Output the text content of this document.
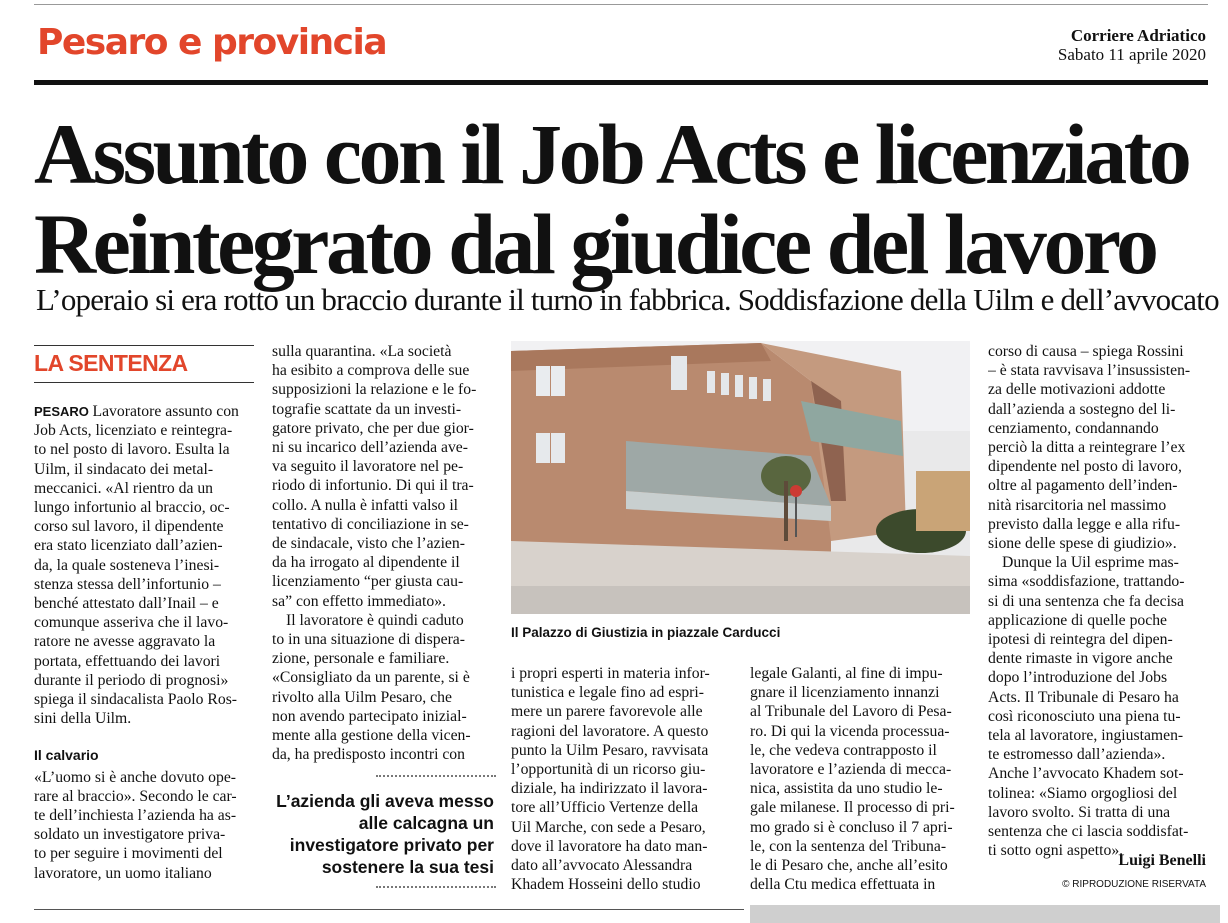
Pesaro e provincia	Corriere Adriatico
Sabato 11 aprile 2020
Assunto con il Job Acts e licenziato
Reintegrato dal giudice del lavoro
L’operaio si era rotto un braccio durante il turno in fabbrica. Soddisfazione della Uilm e dell’avvocato
LA SENTENZA
PESARO Lavoratore assunto con
Job Acts, licenziato e reintegra-
to nel posto di lavoro. Esulta la
Uilm, il sindacato dei metal-
meccanici. «Al rientro da un
lungo infortunio al braccio, oc-
corso sul lavoro, il dipendente
era stato licenziato dall’azien-
da, la quale sosteneva l’inesi-
stenza stessa dell’infortunio –
benché attestato dall’Inail – e
comunque asseriva che il lavo-
ratore ne avesse aggravato la
portata, effettuando dei lavori
durante il periodo di prognosi»
spiega il sindacalista Paolo Ros-
sini della Uilm.
Il calvario
«L’uomo si è anche dovuto ope-
rare al braccio». Secondo le car-
te dell’inchiesta l’azienda ha as-
soldato un investigatore priva-
to per seguire i movimenti del
lavoratore, un uomo italiano
sulla quarantina. «La società
ha esibito a comprova delle sue
supposizioni la relazione e le fo-
tografie scattate da un investi-
gatore privato, che per due gior-
ni su incarico dell’azienda ave-
va seguito il lavoratore nel pe-
riodo di infortunio. Di qui il tra-
collo. A nulla è infatti valso il
tentativo di conciliazione in se-
de sindacale, visto che l’azien-
da ha irrogato al dipendente il
licenziamento “per giusta cau-
sa” con effetto immediato».
Il lavoratore è quindi caduto
to in una situazione di dispera-
zione, personale e familiare.
«Consigliato da un parente, si è
rivolto alla Uilm Pesaro, che
non avendo partecipato inizial-
mente alla gestione della vicen-
da, ha predisposto incontri con
Il Palazzo di Giustizia in piazzale Carducci
i propri esperti in materia infor-
tunistica e legale fino ad espri-
mere un parere favorevole alle
ragioni del lavoratore. A questo
punto la Uilm Pesaro, ravvisata
l’opportunità di un ricorso giu-
diziale, ha indirizzato il lavora-
tore all’Ufficio Vertenze della
Uil Marche, con sede a Pesaro,
dove il lavoratore ha dato man-
dato all’avvocato Alessandra
Khadem Hosseini dello studio
legale Galanti, al fine di impu-
gnare il licenziamento innanzi
al Tribunale del Lavoro di Pesa-
ro. Di qui la vicenda processua-
le, che vedeva contrapposto il
lavoratore e l’azienda di mecca-
nica, assistita da uno studio le-
gale milanese. Il processo di pri-
mo grado si è concluso il 7 apri-
le, con la sentenza del Tribuna-
le di Pesaro che, anche all’esito
della Ctu medica effettuata in
corso di causa – spiega Rossini
– è stata ravvisava l’insussisten-
za delle motivazioni addotte
dall’azienda a sostegno del li-
cenziamento, condannando
perciò la ditta a reintegrare l’ex
dipendente nel posto di lavoro,
oltre al pagamento dell’inden-
nità risarcitoria nel massimo
previsto dalla legge e alla rifu-
sione delle spese di giudizio».
Dunque la Uil esprime mas-
sima «soddisfazione, trattando-
si di una sentenza che fa decisa
applicazione di quelle poche
ipotesi di reintegra del dipen-
dente rimaste in vigore anche
dopo l’introduzione del Jobs
Acts. Il Tribunale di Pesaro ha
così riconosciuto una piena tu-
tela al lavoratore, ingiustamen-
te estromesso dall’azienda».
Anche l’avvocato Khadem sot-
tolinea: «Siamo orgogliosi del
lavoro svolto. Si tratta di una
sentenza che ci lascia soddisfat-
ti sotto ogni aspetto».
L’azienda gli aveva messo alle calcagna un investigatore privato per sostenere la sua tesi	Luigi Benelli
© RIPRODUZIONE RISERVATA
